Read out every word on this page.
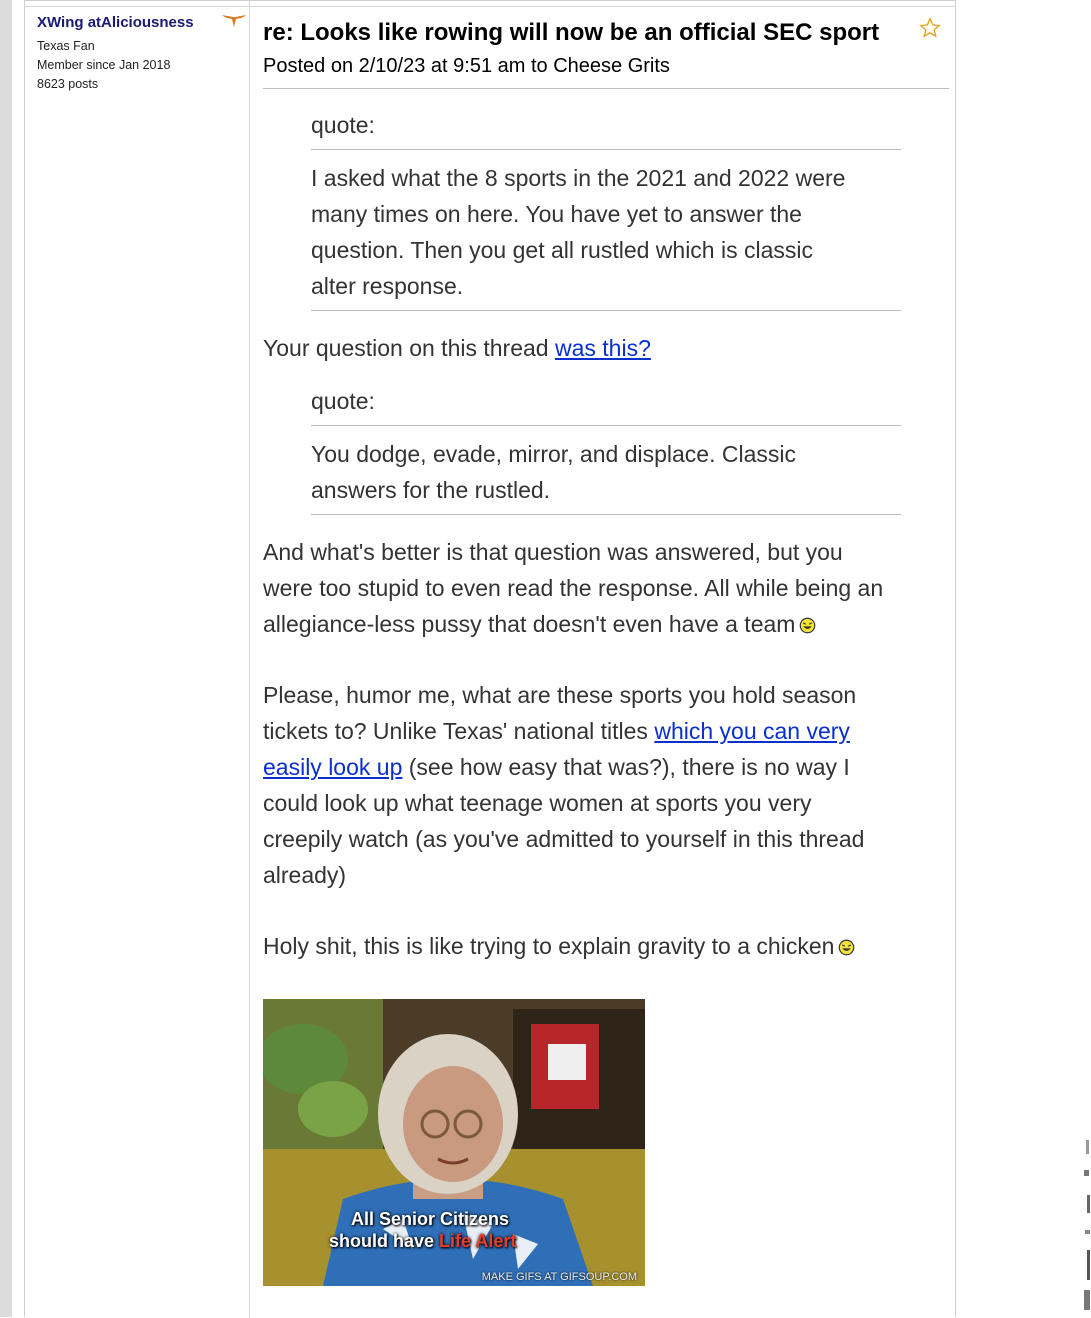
XWing atAliciousness
Texas Fan
Member since Jan 2018
8623 posts
re: Looks like rowing will now be an official SEC sport Posted on 2/10/23 at 9:51 am to Cheese Grits
quote:
I asked what the 8 sports in the 2021 and 2022 were
many times on here. You have yet to answer the
question. Then you get all rustled which is classic
alter response.
Your question on this thread was this?
quote:
You dodge, evade, mirror, and displace. Classic
answers for the rustled.
And what's better is that question was answered, but you
were too stupid to even read the response. All while being an
allegiance-less pussy that doesn't even have a team
Please, humor me, what are these sports you hold season
tickets to? Unlike Texas' national titles which you can very
easily look up (see how easy that was?), there is no way I
could look up what teenage women at sports you very
creepily watch (as you've admitted to yourself in this thread
already)
Holy shit, this is like trying to explain gravity to a chicken
All Senior Citizens
should have Life Alert
MAKE GIFS AT GIFSOUP.COM
